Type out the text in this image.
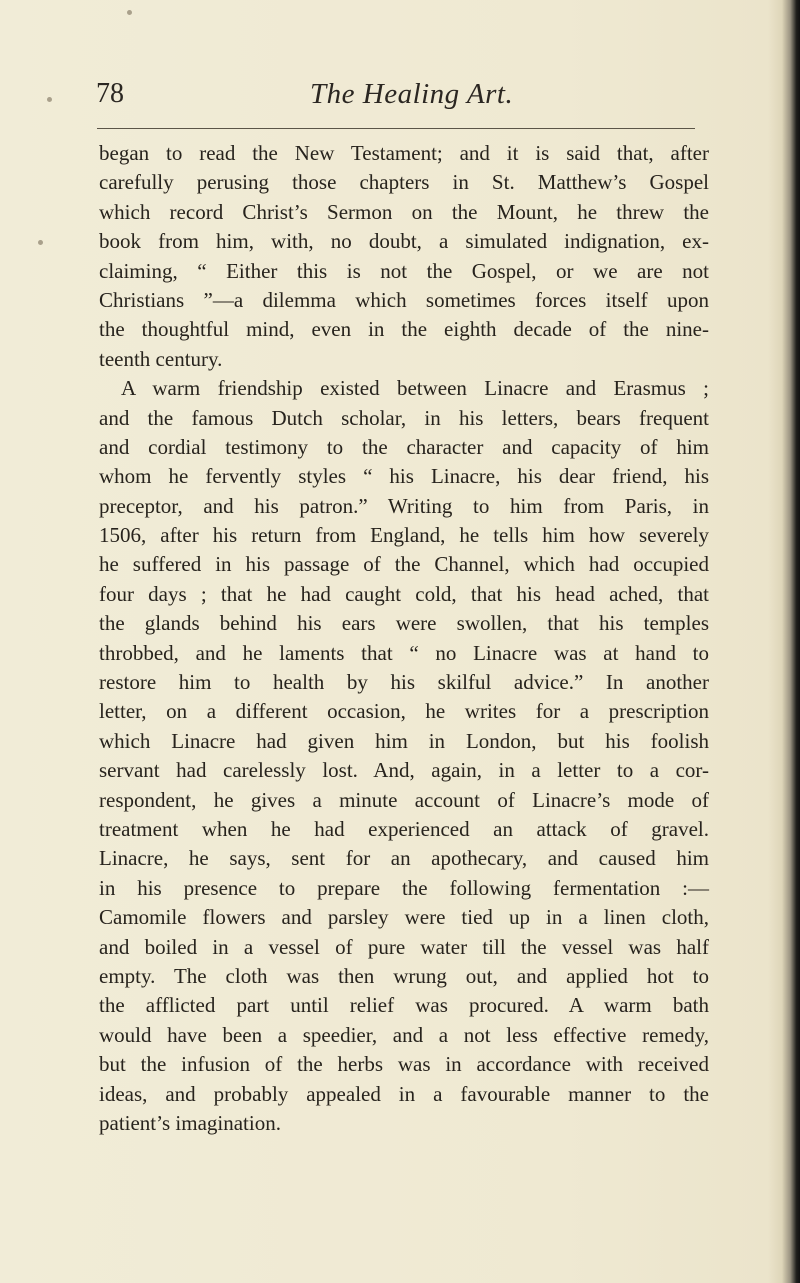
78	The Healing Art.
began to read the New Testament; and it is said that, after
carefully perusing those chapters in St. Matthew’s Gospel
which record Christ’s Sermon on the Mount, he threw the
book from him, with, no doubt, a simulated indignation, ex-
claiming, “ Either this is not the Gospel, or we are not
Christians ”—a dilemma which sometimes forces itself upon
the thoughtful mind, even in the eighth decade of the nine-
teenth century.
A warm friendship existed between Linacre and Erasmus ;
and the famous Dutch scholar, in his letters, bears frequent
and cordial testimony to the character and capacity of him
whom he fervently styles “ his Linacre, his dear friend, his
preceptor, and his patron.” Writing to him from Paris, in
1506, after his return from England, he tells him how severely
he suffered in his passage of the Channel, which had occupied
four days ; that he had caught cold, that his head ached, that
the glands behind his ears were swollen, that his temples
throbbed, and he laments that “ no Linacre was at hand to
restore him to health by his skilful advice.” In another
letter, on a different occasion, he writes for a prescription
which Linacre had given him in London, but his foolish
servant had carelessly lost. And, again, in a letter to a cor-
respondent, he gives a minute account of Linacre’s mode of
treatment when he had experienced an attack of gravel.
Linacre, he says, sent for an apothecary, and caused him
in his presence to prepare the following fermentation :—
Camomile flowers and parsley were tied up in a linen cloth,
and boiled in a vessel of pure water till the vessel was half
empty. The cloth was then wrung out, and applied hot to
the afflicted part until relief was procured. A warm bath
would have been a speedier, and a not less effective remedy,
but the infusion of the herbs was in accordance with received
ideas, and probably appealed in a favourable manner to the
patient’s imagination.
